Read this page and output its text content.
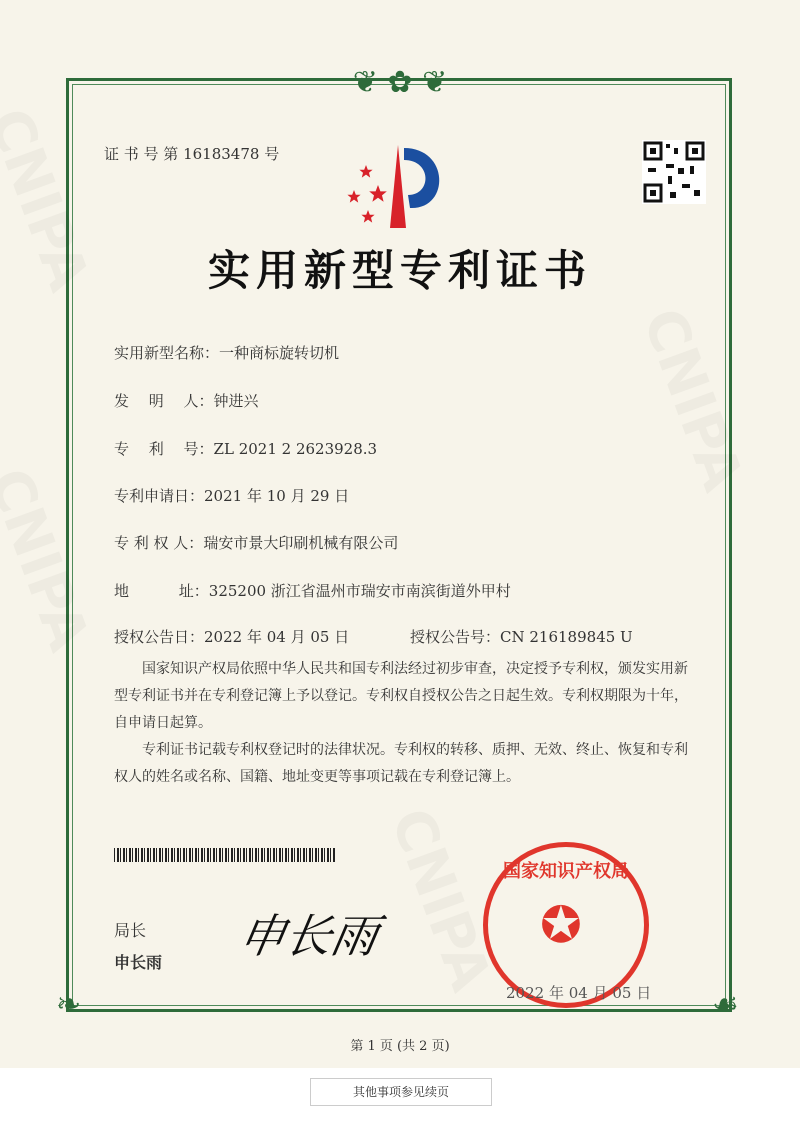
❦ ✿ ❦
❧	☙
证 书 号 第 16183478 号
实用新型专利证书
实用新型名称：一种商标旋转切机
发　 明　 人：钟进兴
专　 利　 号：ZL 2021 2 2623928.3
专利申请日：2021 年 10 月 29 日
专 利 权 人：瑞安市景大印刷机械有限公司
地　　　 址：325200 浙江省温州市瑞安市南滨街道外甲村
授权公告日：2022 年 04 月 05 日	授权公告号：CN 216189845 U
国家知识产权局依照中华人民共和国专利法经过初步审查，决定授予专利权，颁发实用新型专利证书并在专利登记簿上予以登记。专利权自授权公告之日起生效。专利权期限为十年，自申请日起算。
专利证书记载专利权登记时的法律状况。专利权的转移、质押、无效、终止、恢复和专利权人的姓名或名称、国籍、地址变更等事项记载在专利登记簿上。
局长
申长雨 申长雨
国家知识产权局
✪
2022 年 04 月 05 日
第 1 页 (共 2 页)
其他事项参见续页
